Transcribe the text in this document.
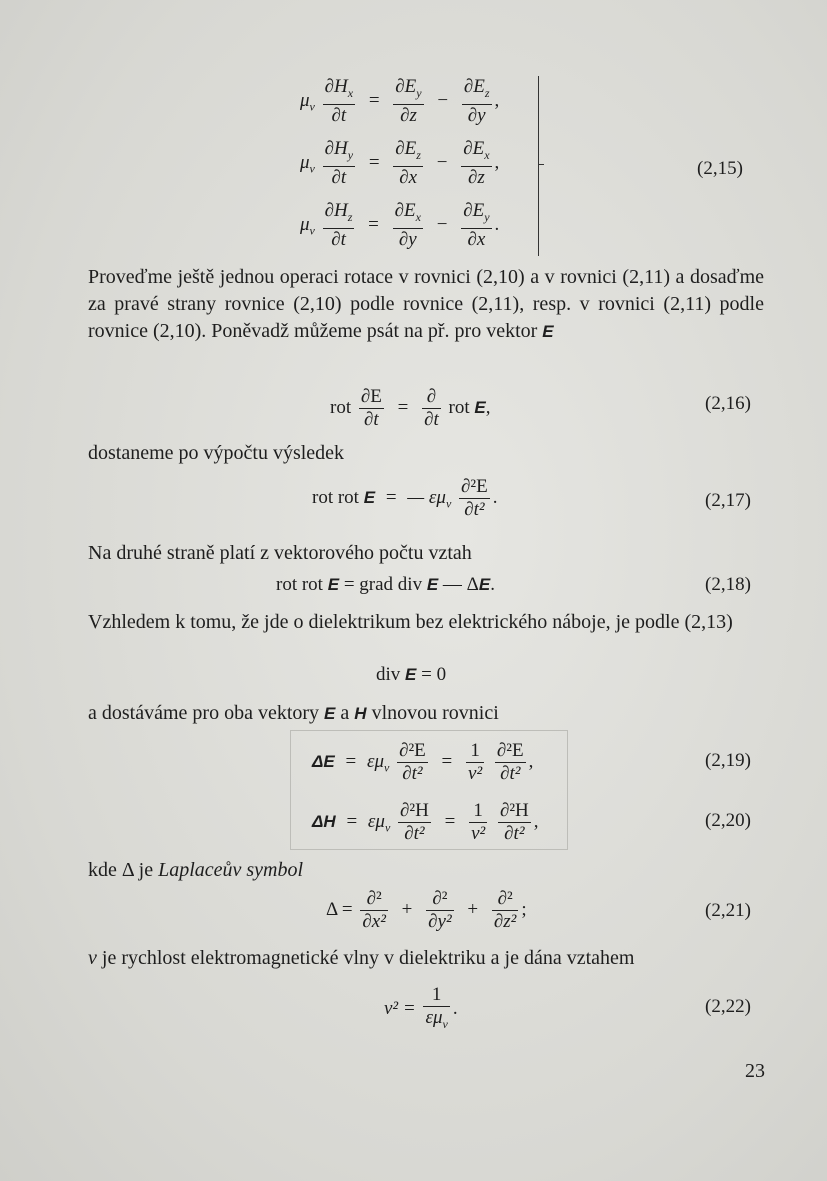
$\mu_v \frac{\partial H_x}{\partial t} = \frac{\partial E_y}{\partial z} - \frac{\partial E_z}{\partial y}$ ,
$\mu_v \frac{\partial H_y}{\partial t} = \frac{\partial E_z}{\partial x} - \frac{\partial E_x}{\partial z}$ ,
$\mu_v \frac{\partial H_z}{\partial t} = \frac{\partial E_x}{\partial y} - \frac{\partial E_y}{\partial x}$ .
(2,15)
Proveďme ještě jednou operaci rotace v rovnici (2,10) a v rovnici (2,11) a dosaďme za pravé strany rovnice (2,10) podle rovnice (2,11), resp. v rovnici (2,11) podle rovnice (2,10). Poněvadž můžeme psát na př. pro vektor E
rot $\frac{\partial E}{\partial t} = \frac{\partial}{\partial t}$ rot E,	(2,16)
dostaneme po výpočtu výsledek
rot rot E = — $\varepsilon\mu_v \frac{\text{∂²E}}{\text{∂t²}}$ .	(2,17)
Na druhé straně platí z vektorového počtu vztah
rot rot E = grad div E — ΔE.	(2,18)
Vzhledem k tomu, že jde o dielektrikum bez elektrického náboje, je podle (2,13)
div E = 0
a dostáváme pro oba vektory E a H vlnovou rovnici
$\Delta E = \varepsilon\mu_v \frac{\text{∂²E}}{\text{∂t²}} = \frac{1}{\text{v²}}$
$\frac{\text{∂²E}}{\text{∂t²}}$ ,	(2,19)
$\Delta H = \varepsilon\mu_v \frac{\text{∂²H}}{\text{∂t²}} = \frac{1}{\text{v²}}$
$\frac{\text{∂²H}}{\text{∂t²}}$ ,	(2,20)
kde Δ je Laplaceův symbol
$\Delta = \frac{\text{∂²}}{\text{∂x²}} + \frac{\text{∂²}}{\text{∂y²}} + \frac{\text{∂²}}{\text{∂z²}}$ ;	(2,21)
v je rychlost elektromagnetické vlny v dielektriku a je dána vztahem
$v^2 = \frac{1}{\varepsilon\mu_v}$ .	(2,22)
23
